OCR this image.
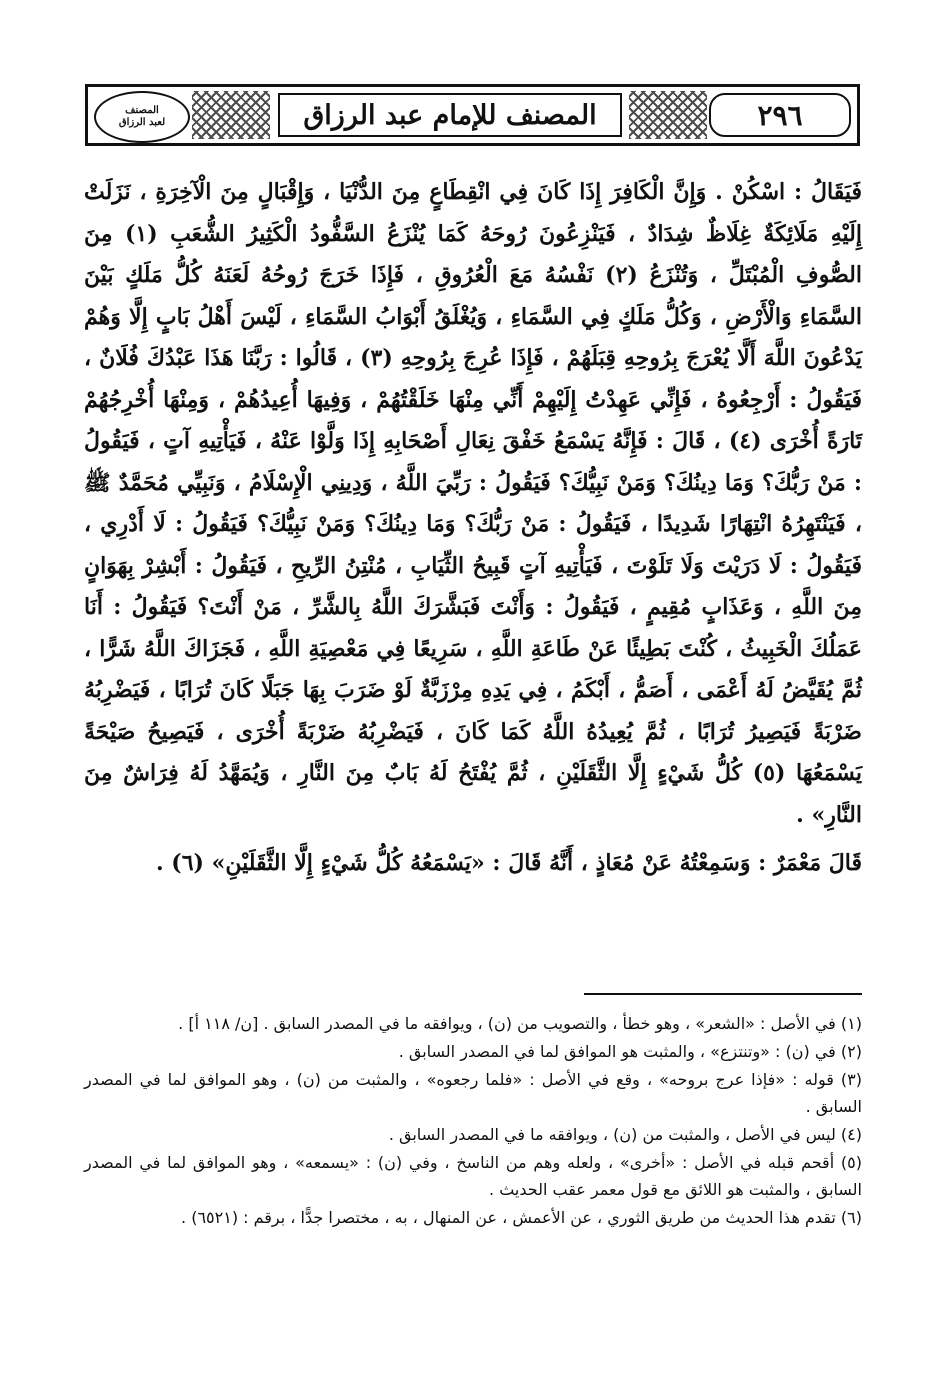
المصنف
لعبد الرزاق	المصنف للإمام عبد الرزاق	٢٩٦

فَيَقَالُ : اسْكُنْ . وَإِنَّ الْكَافِرَ إِذَا كَانَ فِي انْقِطَاعٍ مِنَ الدُّنْيَا ، وَإِقْبَالٍ مِنَ الْآخِرَةِ ، نَزَلَتْ إِلَيْهِ مَلَائِكَةٌ غِلَاظٌ شِدَادٌ ، فَيَنْزِعُونَ رُوحَهُ كَمَا يُنْزَعُ السَّفُّودُ الْكَثِيرُ الشُّعَبِ (١) مِنَ الصُّوفِ الْمُبْتَلِّ ، وَتُنْزَعُ (٢) نَفْسُهُ مَعَ الْعُرُوقِ ، فَإِذَا خَرَجَ رُوحُهُ لَعَنَهُ كُلُّ مَلَكٍ بَيْنَ السَّمَاءِ وَالْأَرْضِ ، وَكُلُّ مَلَكٍ فِي السَّمَاءِ ، وَيُغْلَقُ أَبْوَابُ السَّمَاءِ ، لَيْسَ أَهْلُ بَابٍ إِلَّا وَهُمْ يَدْعُونَ اللَّهَ أَلَّا يُعْرَجَ بِرُوحِهِ قِبَلَهُمْ ، فَإِذَا عُرِجَ بِرُوحِهِ (٣) ، قَالُوا : رَبَّنَا هَذَا عَبْدُكَ فُلَانٌ ، فَيَقُولُ : أَرْجِعُوهُ ، فَإِنِّي عَهِدْتُ إِلَيْهِمْ أَنِّي مِنْهَا خَلَقْتُهُمْ ، وَفِيهَا أُعِيدُهُمْ ، وَمِنْهَا أُخْرِجُهُمْ تَارَةً أُخْرَى (٤) ، قَالَ : فَإِنَّهُ يَسْمَعُ خَفْقَ نِعَالِ أَصْحَابِهِ إِذَا وَلَّوْا عَنْهُ ، فَيَأْتِيهِ آتٍ ، فَيَقُولُ : مَنْ رَبُّكَ؟ وَمَا دِينُكَ؟ وَمَنْ نَبِيُّكَ؟ فَيَقُولُ : رَبِّيَ اللَّهُ ، وَدِينِي الْإِسْلَامُ ، وَنَبِيِّي مُحَمَّدٌ ﷺ ، فَيَنْتَهِرُهُ انْتِهَارًا شَدِيدًا ، فَيَقُولُ : مَنْ رَبُّكَ؟ وَمَا دِينُكَ؟ وَمَنْ نَبِيُّكَ؟ فَيَقُولُ : لَا أَدْرِي ، فَيَقُولُ : لَا دَرَيْتَ وَلَا تَلَوْتَ ، فَيَأْتِيهِ آتٍ قَبِيحُ الثِّيَابِ ، مُنْتِنُ الرِّيحِ ، فَيَقُولُ : أَبْشِرْ بِهَوَانٍ مِنَ اللَّهِ ، وَعَذَابٍ مُقِيمٍ ، فَيَقُولُ : وَأَنْتَ فَبَشَّرَكَ اللَّهُ بِالشَّرِّ ، مَنْ أَنْتَ؟ فَيَقُولُ : أَنَا عَمَلُكَ الْخَبِيثُ ، كُنْتَ بَطِيئًا عَنْ طَاعَةِ اللَّهِ ، سَرِيعًا فِي مَعْصِيَةِ اللَّهِ ، فَجَزَاكَ اللَّهُ شَرًّا ، ثُمَّ يُقَيَّضُ لَهُ أَعْمَى ، أَصَمُّ ، أَبْكَمُ ، فِي يَدِهِ مِرْزَبَّةٌ لَوْ ضَرَبَ بِهَا جَبَلًا كَانَ تُرَابًا ، فَيَضْرِبُهُ ضَرْبَةً فَيَصِيرُ تُرَابًا ، ثُمَّ يُعِيدُهُ اللَّهُ كَمَا كَانَ ، فَيَضْرِبُهُ ضَرْبَةً أُخْرَى ، فَيَصِيحُ صَيْحَةً يَسْمَعُهَا (٥) كُلُّ شَيْءٍ إِلَّا الثَّقَلَيْنِ ، ثُمَّ يُفْتَحُ لَهُ بَابٌ مِنَ النَّارِ ، وَيُمَهَّدُ لَهُ فِرَاشٌ مِنَ النَّارِ» .

قَالَ مَعْمَرٌ : وَسَمِعْتُهُ عَنْ مُعَاذٍ ، أَنَّهُ قَالَ : «يَسْمَعُهُ كُلُّ شَيْءٍ إِلَّا الثَّقَلَيْنِ» (٦) .

(١) في الأصل : «الشعر» ، وهو خطأ ، والتصويب من (ن) ، ويوافقه ما في المصدر السابق . [ن/ ١١٨ أ] .

(٢) في (ن) : «وتنتزع» ، والمثبت هو الموافق لما في المصدر السابق .

(٣) قوله : «فإذا عرج بروحه» ، وقع في الأصل : «فلما رجعوه» ، والمثبت من (ن) ، وهو الموافق لما في المصدر السابق .

(٤) ليس في الأصل ، والمثبت من (ن) ، ويوافقه ما في المصدر السابق .

(٥) أقحم قبله في الأصل : «أخرى» ، ولعله وهم من الناسخ ، وفي (ن) : «يسمعه» ، وهو الموافق لما في المصدر السابق ، والمثبت هو اللائق مع قول معمر عقب الحديث .

(٦) تقدم هذا الحديث من طريق الثوري ، عن الأعمش ، عن المنهال ، به ، مختصرا جدًّا ، برقم : (٦٥٢١) .
